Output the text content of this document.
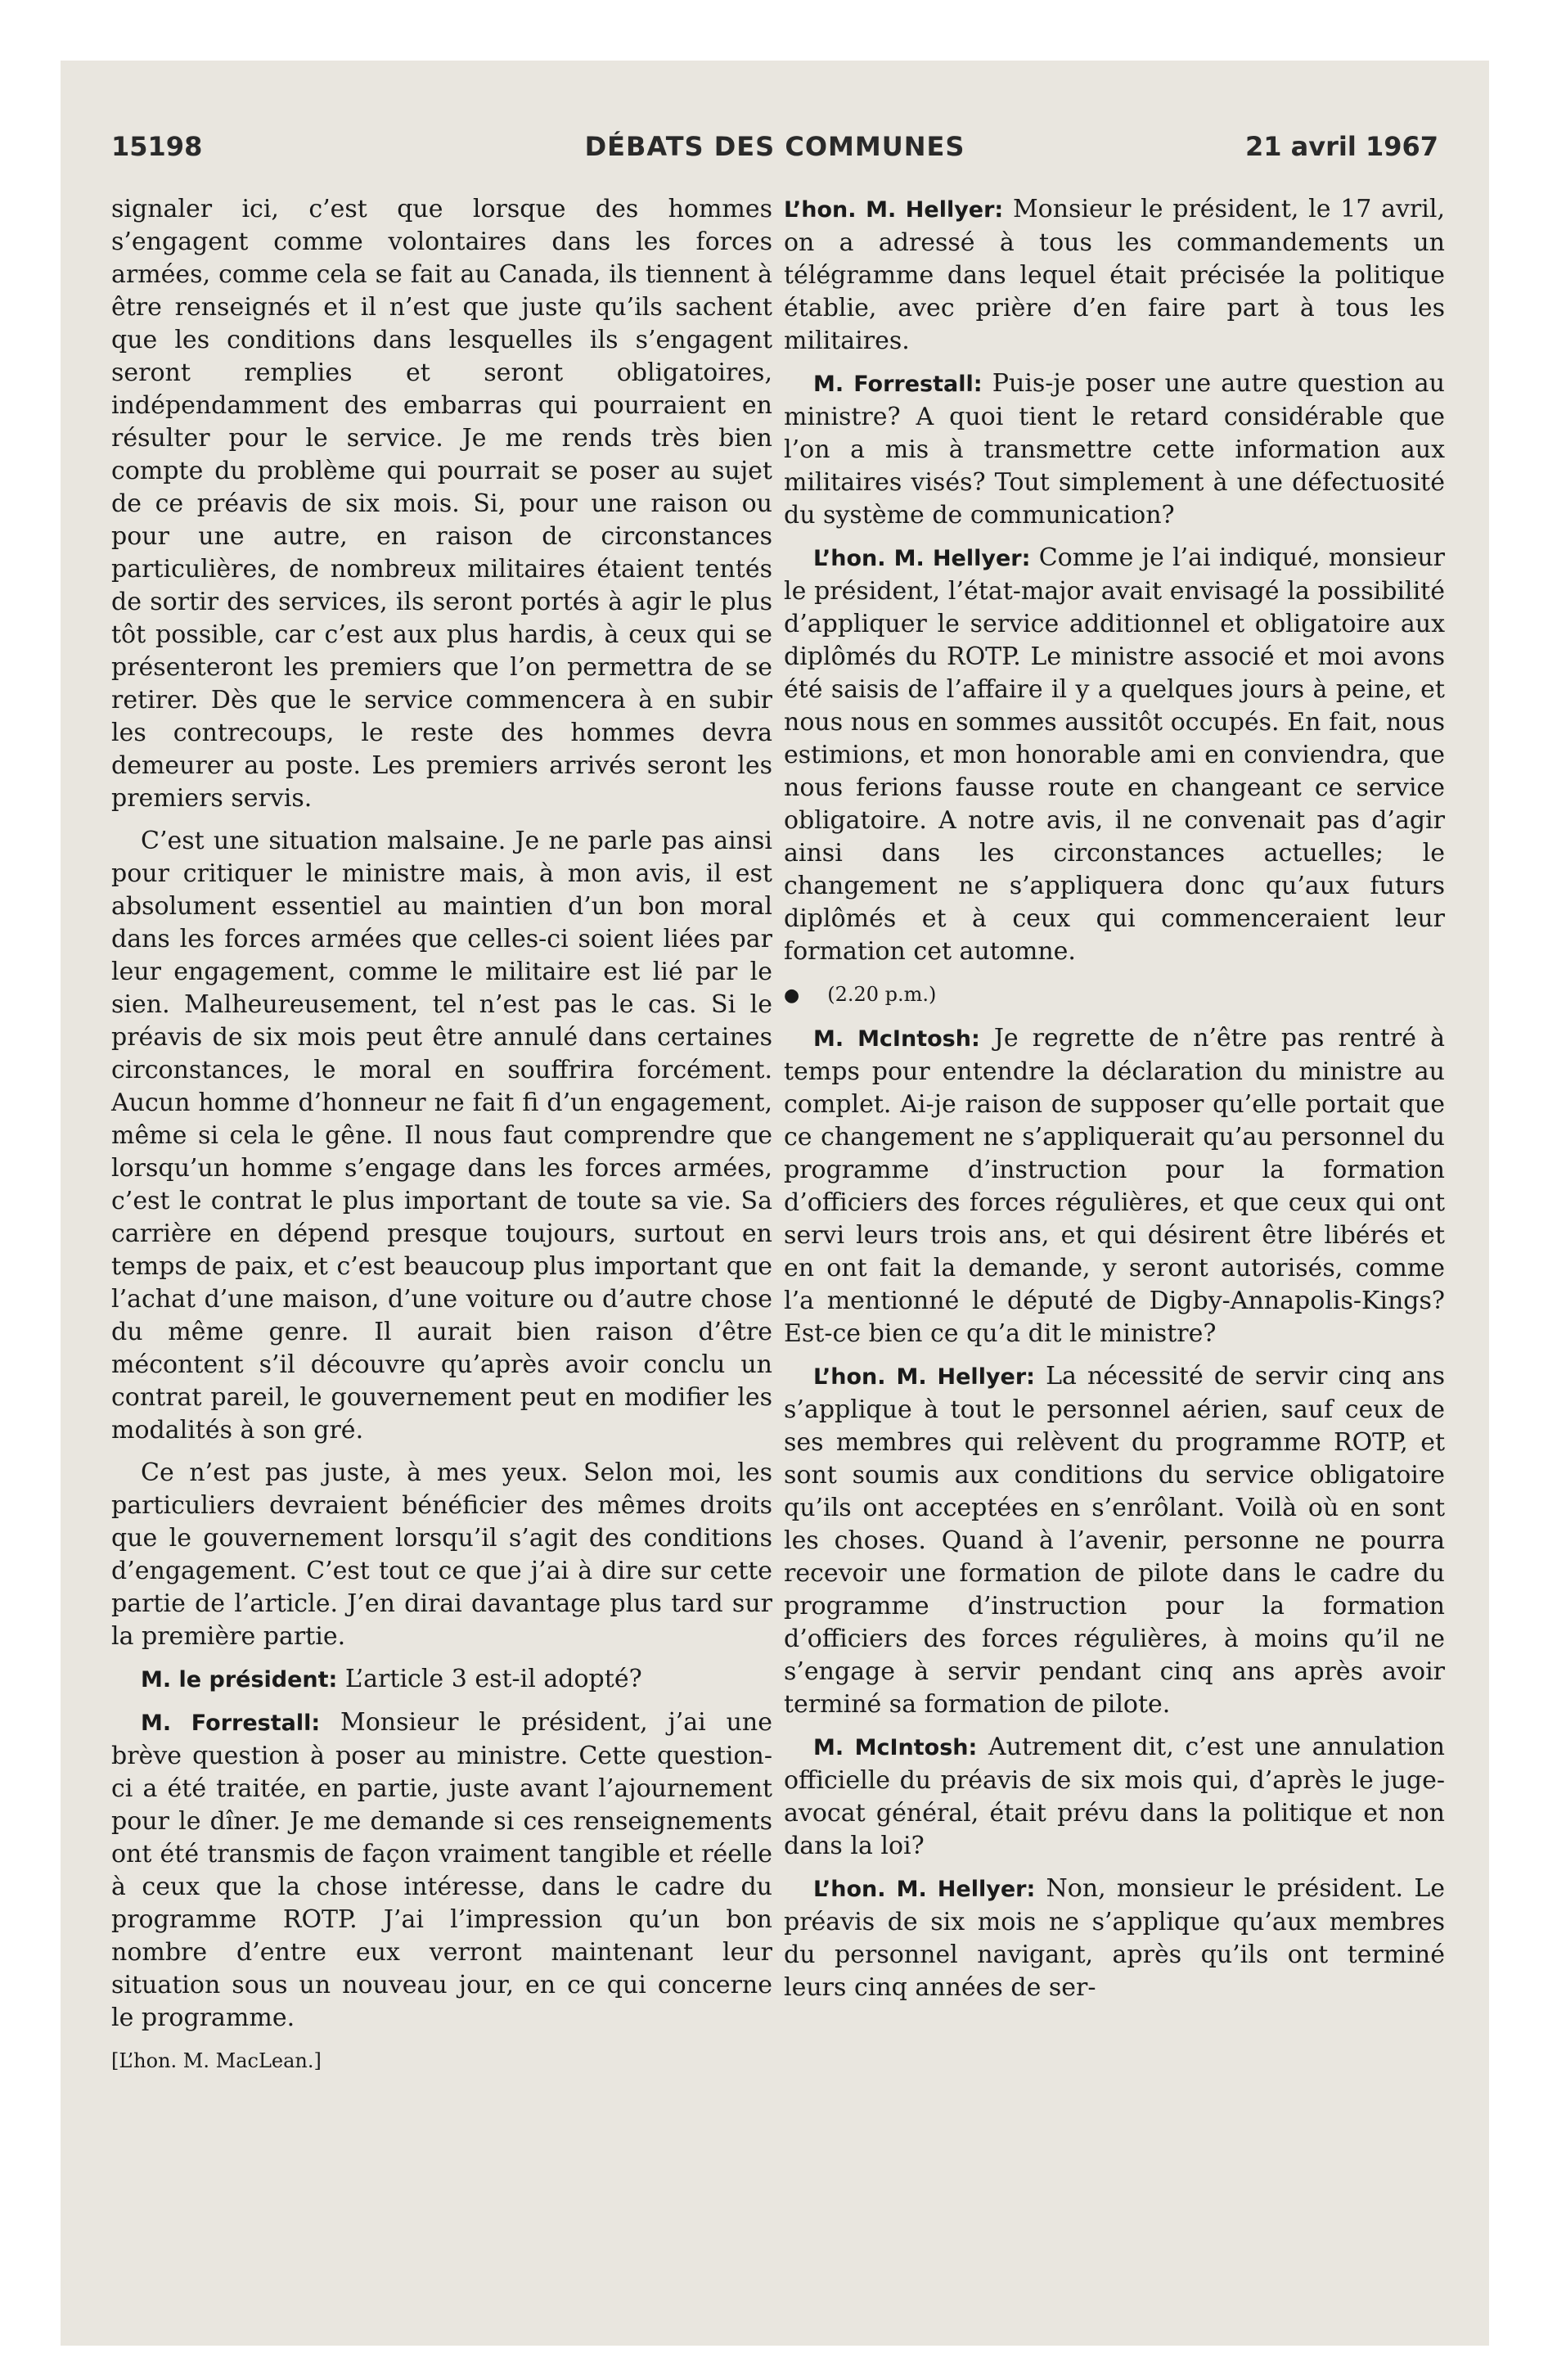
15198	DÉBATS DES COMMUNES	21 avril 1967

signaler ici, c’est que lorsque des hommes s’engagent comme volontaires dans les forces armées, comme cela se fait au Canada, ils tiennent à être renseignés et il n’est que juste qu’ils sachent que les conditions dans lesquelles ils s’engagent seront remplies et seront obligatoires, indépendamment des embarras qui pourraient en résulter pour le service. Je me rends très bien compte du problème qui pourrait se poser au sujet de ce préavis de six mois. Si, pour une raison ou pour une autre, en raison de circonstances particulières, de nombreux militaires étaient tentés de sortir des services, ils seront portés à agir le plus tôt possible, car c’est aux plus hardis, à ceux qui se présenteront les premiers que l’on permettra de se retirer. Dès que le service commencera à en subir les contrecoups, le reste des hommes devra demeurer au poste. Les premiers arrivés seront les premiers servis.

C’est une situation malsaine. Je ne parle pas ainsi pour critiquer le ministre mais, à mon avis, il est absolument essentiel au maintien d’un bon moral dans les forces armées que celles-ci soient liées par leur engagement, comme le militaire est lié par le sien. Malheureusement, tel n’est pas le cas. Si le préavis de six mois peut être annulé dans certaines circonstances, le moral en souffrira forcément. Aucun homme d’honneur ne fait fi d’un engagement, même si cela le gêne. Il nous faut comprendre que lorsqu’un homme s’engage dans les forces armées, c’est le contrat le plus important de toute sa vie. Sa carrière en dépend presque toujours, surtout en temps de paix, et c’est beaucoup plus important que l’achat d’une maison, d’une voiture ou d’autre chose du même genre. Il aurait bien raison d’être mécontent s’il découvre qu’après avoir conclu un contrat pareil, le gouvernement peut en modifier les modalités à son gré.

Ce n’est pas juste, à mes yeux. Selon moi, les particuliers devraient bénéficier des mêmes droits que le gouvernement lorsqu’il s’agit des conditions d’engagement. C’est tout ce que j’ai à dire sur cette partie de l’article. J’en dirai davantage plus tard sur la première partie.

M. le président: L’article 3 est-il adopté?

M. Forrestall: Monsieur le président, j’ai une brève question à poser au ministre. Cette question-ci a été traitée, en partie, juste avant l’ajournement pour le dîner. Je me demande si ces renseignements ont été transmis de façon vraiment tangible et réelle à ceux que la chose intéresse, dans le cadre du programme ROTP. J’ai l’impression qu’un bon nombre d’entre eux verront maintenant leur situation sous un nouveau jour, en ce qui concerne le programme.

[L’hon. M. MacLean.]

L’hon. M. Hellyer: Monsieur le président, le 17 avril, on a adressé à tous les commandements un télégramme dans lequel était précisée la politique établie, avec prière d’en faire part à tous les militaires.

M. Forrestall: Puis-je poser une autre question au ministre? A quoi tient le retard considérable que l’on a mis à transmettre cette information aux militaires visés? Tout simplement à une défectuosité du système de communication?

L’hon. M. Hellyer: Comme je l’ai indiqué, monsieur le président, l’état-major avait envisagé la possibilité d’appliquer le service additionnel et obligatoire aux diplômés du ROTP. Le ministre associé et moi avons été saisis de l’affaire il y a quelques jours à peine, et nous nous en sommes aussitôt occupés. En fait, nous estimions, et mon honorable ami en conviendra, que nous ferions fausse route en changeant ce service obligatoire. A notre avis, il ne convenait pas d’agir ainsi dans les circonstances actuelles; le changement ne s’appliquera donc qu’aux futurs diplômés et à ceux qui commenceraient leur formation cet automne.

● (2.20 p.m.)

M. McIntosh: Je regrette de n’être pas rentré à temps pour entendre la déclaration du ministre au complet. Ai-je raison de supposer qu’elle portait que ce changement ne s’appliquerait qu’au personnel du programme d’instruction pour la formation d’officiers des forces régulières, et que ceux qui ont servi leurs trois ans, et qui désirent être libérés et en ont fait la demande, y seront autorisés, comme l’a mentionné le député de Digby-Annapolis-Kings? Est-ce bien ce qu’a dit le ministre?

L’hon. M. Hellyer: La nécessité de servir cinq ans s’applique à tout le personnel aérien, sauf ceux de ses membres qui relèvent du programme ROTP, et sont soumis aux conditions du service obligatoire qu’ils ont acceptées en s’enrôlant. Voilà où en sont les choses. Quand à l’avenir, personne ne pourra recevoir une formation de pilote dans le cadre du programme d’instruction pour la formation d’officiers des forces régulières, à moins qu’il ne s’engage à servir pendant cinq ans après avoir terminé sa formation de pilote.

M. McIntosh: Autrement dit, c’est une annulation officielle du préavis de six mois qui, d’après le juge-avocat général, était prévu dans la politique et non dans la loi?

L’hon. M. Hellyer: Non, monsieur le président. Le préavis de six mois ne s’applique qu’aux membres du personnel navigant, après qu’ils ont terminé leurs cinq années de ser-
